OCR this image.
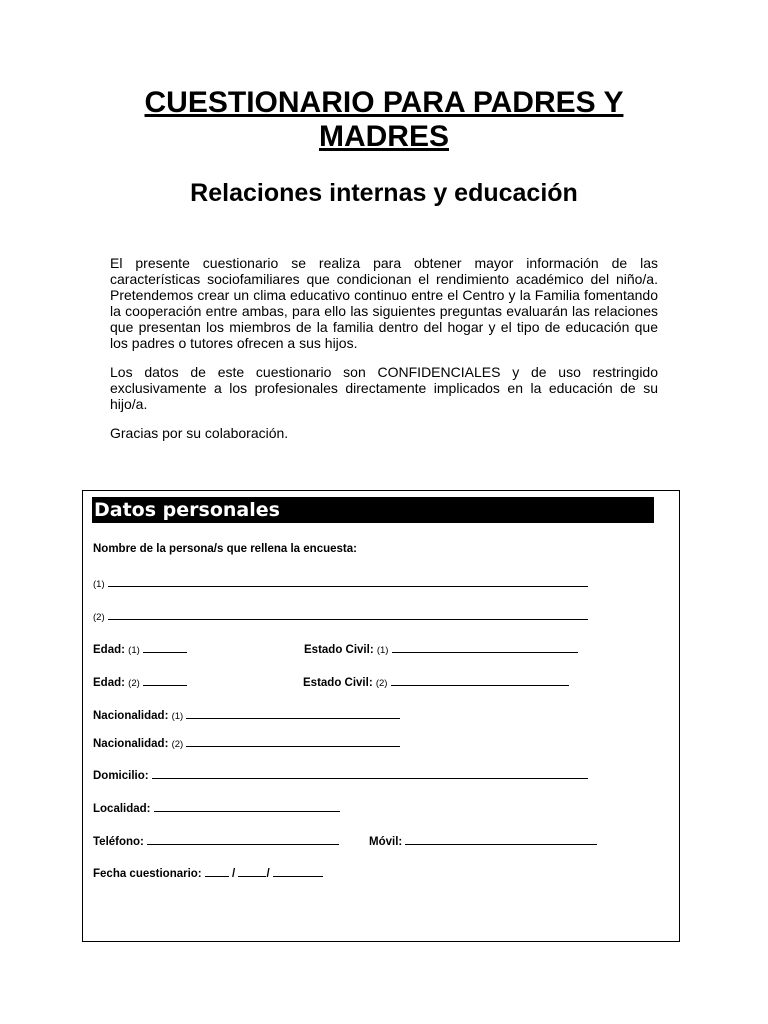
CUESTIONARIO PARA PADRES Y MADRES
Relaciones internas y educación

El presente cuestionario se realiza para obtener mayor información de las características sociofamiliares que condicionan el rendimiento académico del niño/a. Pretendemos crear un clima educativo continuo entre el Centro y la Familia fomentando la cooperación entre ambas, para ello las siguientes preguntas evaluarán las relaciones que presentan los miembros de la familia dentro del hogar y el tipo de educación que los padres o tutores ofrecen a sus hijos.

Los datos de este cuestionario son CONFIDENCIALES y de uso restringido exclusivamente a los profesionales directamente implicados en la educación de su hijo/a.

Gracias por su colaboración.

Datos personales
Nombre de la persona/s que rellena la encuesta:
(1)
(2)
Edad: (1)	Estado Civil: (1)
Edad: (2)	Estado Civil: (2)
Nacionalidad: (1)
Nacionalidad: (2)
Domicilio:
Localidad:
Teléfono:	Móvil:
Fecha cuestionario:	/	/
